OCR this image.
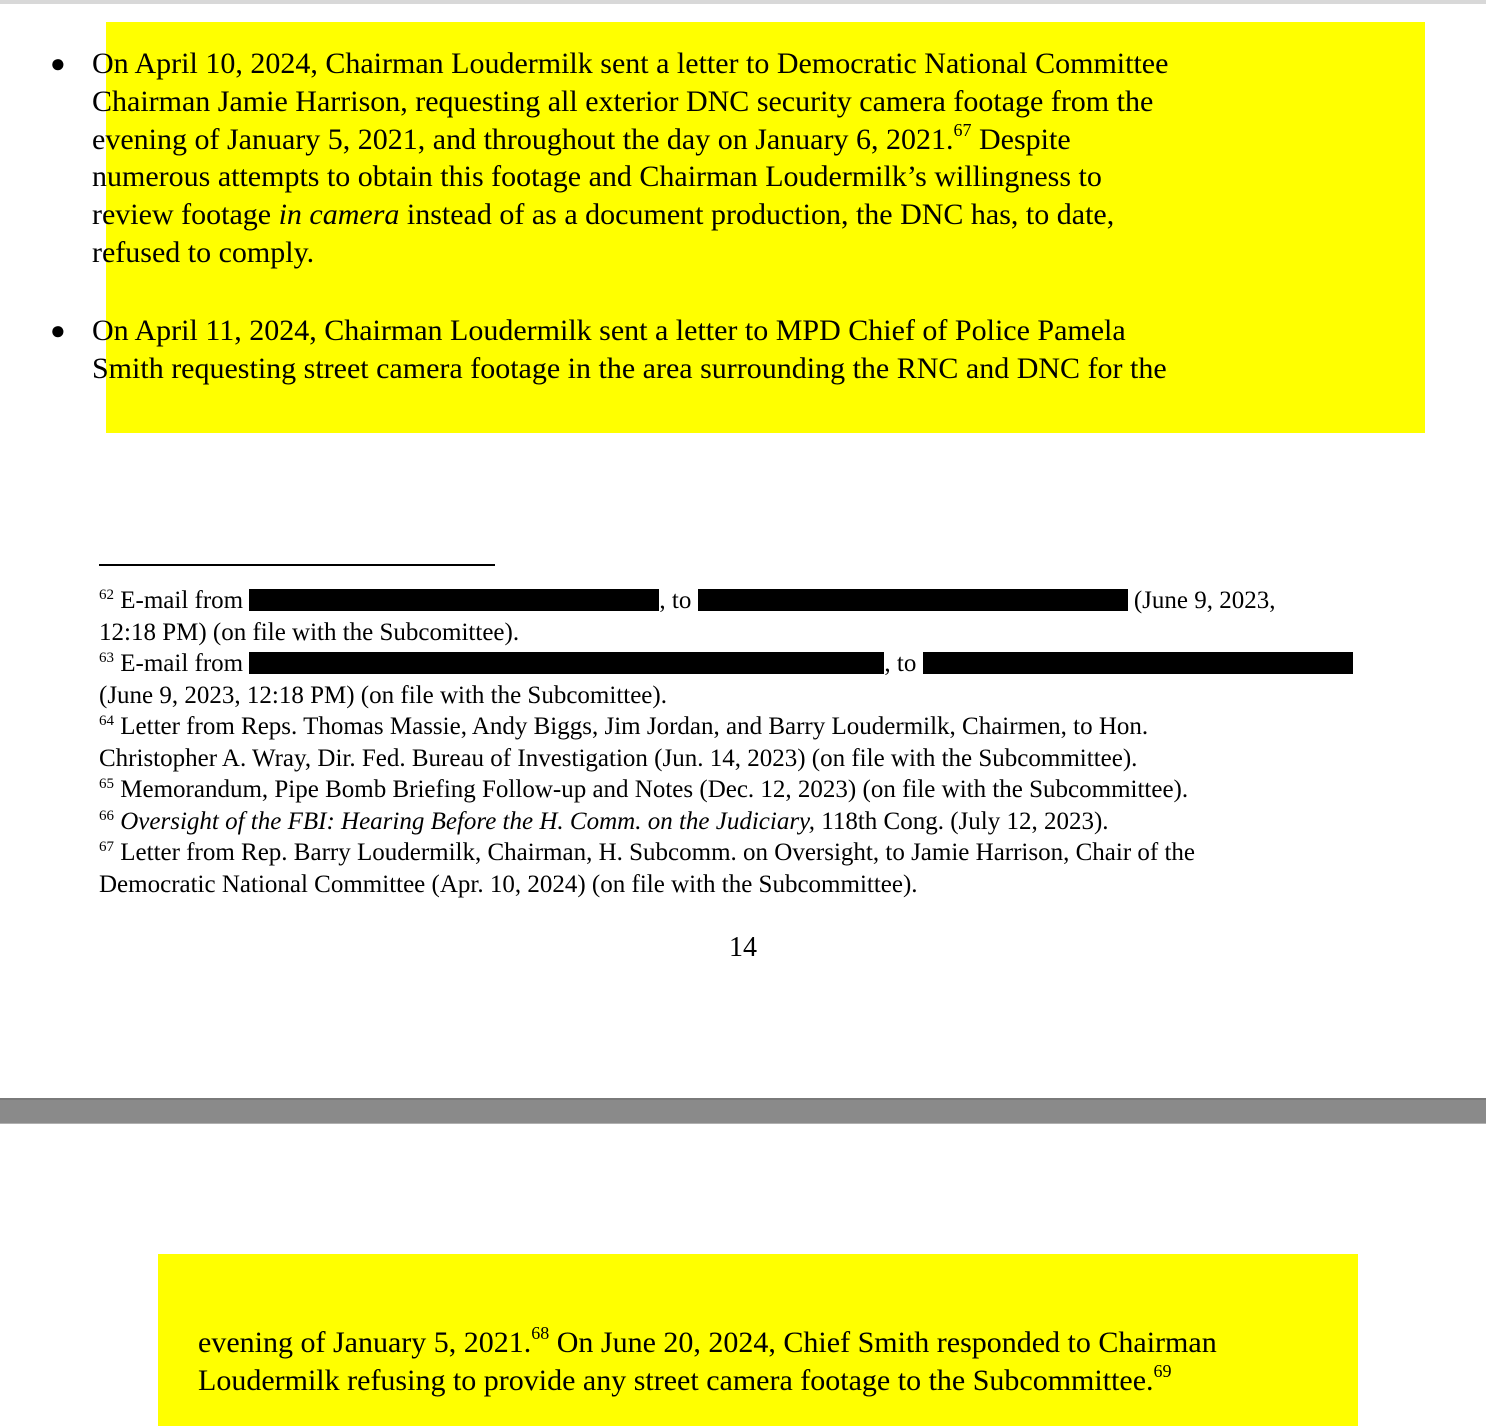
● On April 10, 2024, Chairman Loudermilk sent a letter to Democratic National Committee
Chairman Jamie Harrison, requesting all exterior DNC security camera footage from the
evening of January 5, 2021, and throughout the day on January 6, 2021.67 Despite
numerous attempts to obtain this footage and Chairman Loudermilk’s willingness to
review footage in camera instead of as a document production, the DNC has, to date,
refused to comply.
● On April 11, 2024, Chairman Loudermilk sent a letter to MPD Chief of Police Pamela
Smith requesting street camera footage in the area surrounding the RNC and DNC for the

$^{62}$ E-mail from	, to	(June 9, 2023,

12:18 PM) (on file with the Subcomittee).

$^{63}$ E-mail from	, to

(June 9, 2023, 12:18 PM) (on file with the Subcomittee).

$^{64}$ Letter from Reps. Thomas Massie, Andy Biggs, Jim Jordan, and Barry Loudermilk, Chairmen, to Hon.

Christopher A. Wray, Dir. Fed. Bureau of Investigation (Jun. 14, 2023) (on file with the Subcommittee).

$^{65}$ Memorandum, Pipe Bomb Briefing Follow-up and Notes (Dec. 12, 2023) (on file with the Subcommittee).

$^{66}$ Oversight of the FBI: Hearing Before the H. Comm. on the Judiciary, 118th Cong. (July 12, 2023).

$^{67}$ Letter from Rep. Barry Loudermilk, Chairman, H. Subcomm. on Oversight, to Jamie Harrison, Chair of the

Democratic National Committee (Apr. 10, 2024) (on file with the Subcommittee).

14
evening of January 5, 2021.68 On June 20, 2024, Chief Smith responded to Chairman
Loudermilk refusing to provide any street camera footage to the Subcommittee.$^{69}$
